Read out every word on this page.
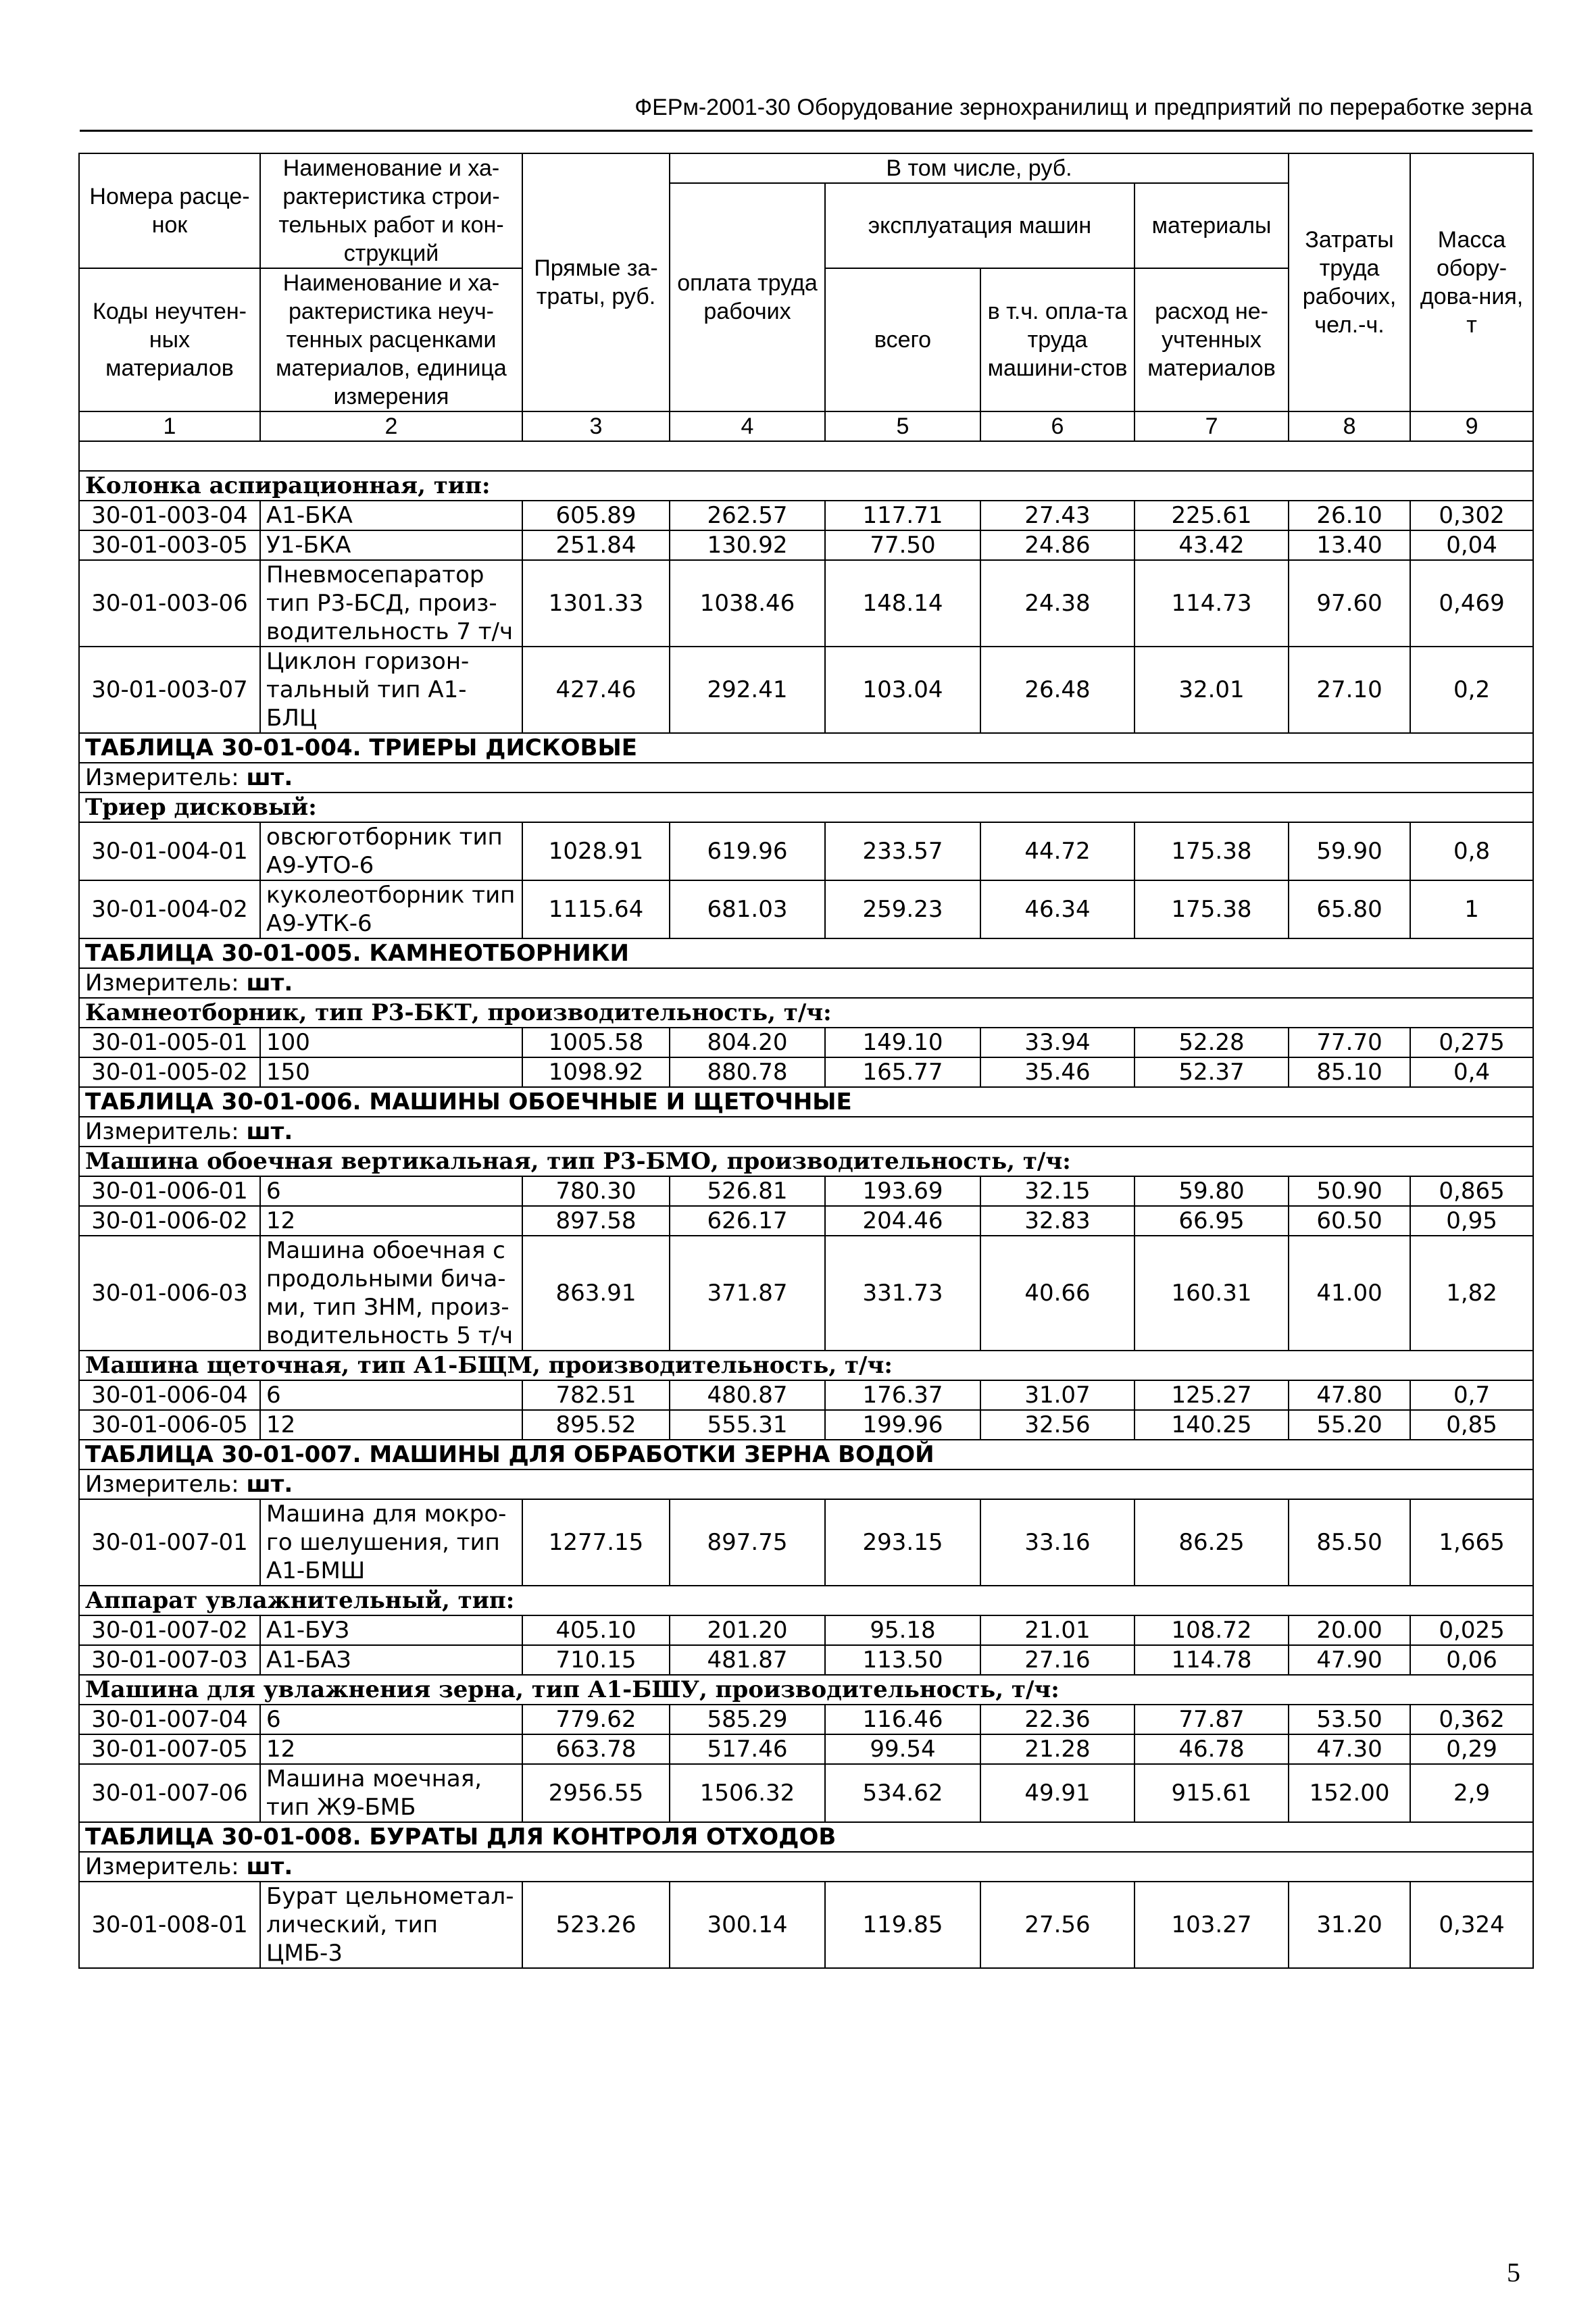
ФЕРм-2001-30 Оборудование зернохранилищ и предприятий по переработке зерна
Номера расце-нок	Наименование и ха-рактеристика строи-тельных работ и кон-струкций	Прямые за-траты, руб.	В том числе, руб.				Затраты труда рабочих, чел.-ч.	Масса обору-дова-ния, т
			оплата труда рабочих	эксплуатация машин		материалы		

Коды неучтен-ных материалов	Наименование и ха-рактеристика неуч-тенных расценками материалов, единица измерения			всего	в т.ч. опла-та труда машини-стов	расход не-учтенных материалов		

1	2	3	4	5	6	7	8	9

Колонка аспирационная, тип:								
30-01-003-04	А1-БКА	605.89	262.57	117.71	27.43	225.61	26.10	0,302
30-01-003-05	У1-БКА	251.84	130.92	77.50	24.86	43.42	13.40	0,04
30-01-003-06	Пневмосепаратор тип Р3-БСД, произ-водительность 7 т/ч	1301.33	1038.46	148.14	24.38	114.73	97.60	0,469
30-01-003-07	Циклон горизон-тальный тип А1-БЛЦ	427.46	292.41	103.04	26.48	32.01	27.10	0,2
ТАБЛИЦА 30-01-004. ТРИЕРЫ ДИСКОВЫЕ								
Измеритель: шт.								
Триер дисковый:								
30-01-004-01	овсюготборник тип А9-УТО-6	1028.91	619.96	233.57	44.72	175.38	59.90	0,8
30-01-004-02	куколеотборник тип А9-УТК-6	1115.64	681.03	259.23	46.34	175.38	65.80	1
ТАБЛИЦА 30-01-005. КАМНЕОТБОРНИКИ								
Измеритель: шт.								
Камнеотборник, тип Р3-БКТ, производительность, т/ч:								
30-01-005-01	100	1005.58	804.20	149.10	33.94	52.28	77.70	0,275
30-01-005-02	150	1098.92	880.78	165.77	35.46	52.37	85.10	0,4
ТАБЛИЦА 30-01-006. МАШИНЫ ОБОЕЧНЫЕ И ЩЕТОЧНЫЕ								
Измеритель: шт.								
Машина обоечная вертикальная, тип Р3-БМО, производительность, т/ч:								
30-01-006-01	6	780.30	526.81	193.69	32.15	59.80	50.90	0,865
30-01-006-02	12	897.58	626.17	204.46	32.83	66.95	60.50	0,95
30-01-006-03	Машина обоечная с продольными бича-ми, тип ЗНМ, произ-водительность 5 т/ч	863.91	371.87	331.73	40.66	160.31	41.00	1,82
Машина щеточная, тип А1-БЩМ, производительность, т/ч:								
30-01-006-04	6	782.51	480.87	176.37	31.07	125.27	47.80	0,7
30-01-006-05	12	895.52	555.31	199.96	32.56	140.25	55.20	0,85
ТАБЛИЦА 30-01-007. МАШИНЫ ДЛЯ ОБРАБОТКИ ЗЕРНА ВОДОЙ								
Измеритель: шт.								
30-01-007-01	Машина для мокро-го шелушения, тип А1-БМШ	1277.15	897.75	293.15	33.16	86.25	85.50	1,665
Аппарат увлажнительный, тип:								
30-01-007-02	А1-БУЗ	405.10	201.20	95.18	21.01	108.72	20.00	0,025
30-01-007-03	А1-БАЗ	710.15	481.87	113.50	27.16	114.78	47.90	0,06
Машина для увлажнения зерна, тип А1-БШУ, производительность, т/ч:								
30-01-007-04	6	779.62	585.29	116.46	22.36	77.87	53.50	0,362
30-01-007-05	12	663.78	517.46	99.54	21.28	46.78	47.30	0,29
30-01-007-06	Машина моечная, тип Ж9-БМБ	2956.55	1506.32	534.62	49.91	915.61	152.00	2,9
ТАБЛИЦА 30-01-008. БУРАТЫ ДЛЯ КОНТРОЛЯ ОТХОДОВ								
Измеритель: шт.								
30-01-008-01	Бурат цельнометал-лический, тип ЦМБ-3	523.26	300.14	119.85	27.56	103.27	31.20	0,324
5
